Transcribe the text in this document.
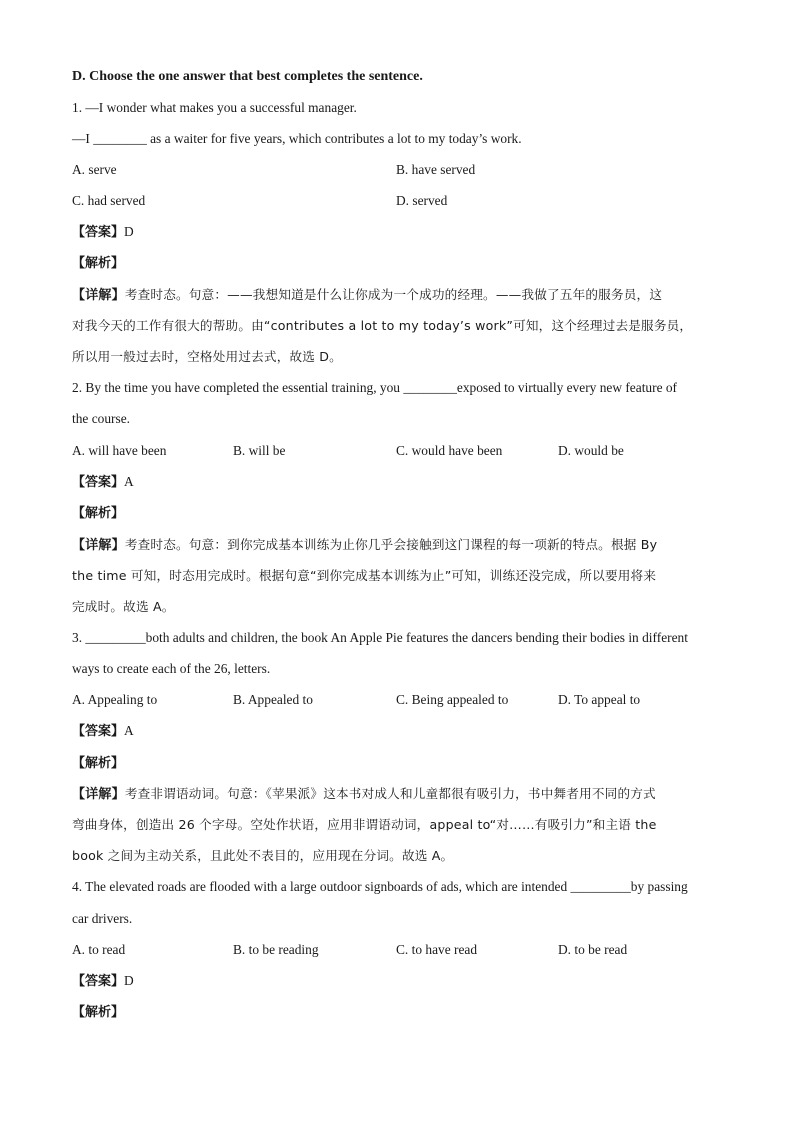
D. Choose the one answer that best completes the sentence.
1. —I wonder what makes you a successful manager.
—I ________ as a waiter for five years, which contributes a lot to my today’s work.
A. serve	B. have served
C. had served	D. served
【答案】D
【解析】
【详解】考查时态。句意：——我想知道是什么让你成为一个成功的经理。——我做了五年的服务员，这
对我今天的工作有很大的帮助。由“contributes a lot to my today’s work”可知，这个经理过去是服务员，
所以用一般过去时，空格处用过去式，故选 D。
2. By the time you have completed the essential training, you ________exposed to virtually every new feature of
the course.
A. will have been	B. will be	C. would have been	D. would be
【答案】A
【解析】
【详解】考查时态。句意：到你完成基本训练为止你几乎会接触到这门课程的每一项新的特点。根据 By
the time 可知，时态用完成时。根据句意“到你完成基本训练为止”可知，训练还没完成，所以要用将来
完成时。故选 A。
3. _________both adults and children, the book An Apple Pie features the dancers bending their bodies in different
ways to create each of the 26, letters.
A. Appealing to	B. Appealed to	C. Being appealed to	D. To appeal to
【答案】A
【解析】
【详解】考查非谓语动词。句意：《苹果派》这本书对成人和儿童都很有吸引力，书中舞者用不同的方式
弯曲身体，创造出 26 个字母。空处作状语，应用非谓语动词，appeal to“对……有吸引力”和主语 the
book 之间为主动关系，且此处不表目的，应用现在分词。故选 A。
4. The elevated roads are flooded with a large outdoor signboards of ads, which are intended _________by passing
car drivers.
A. to read	B. to be reading	C. to have read	D. to be read
【答案】D
【解析】
